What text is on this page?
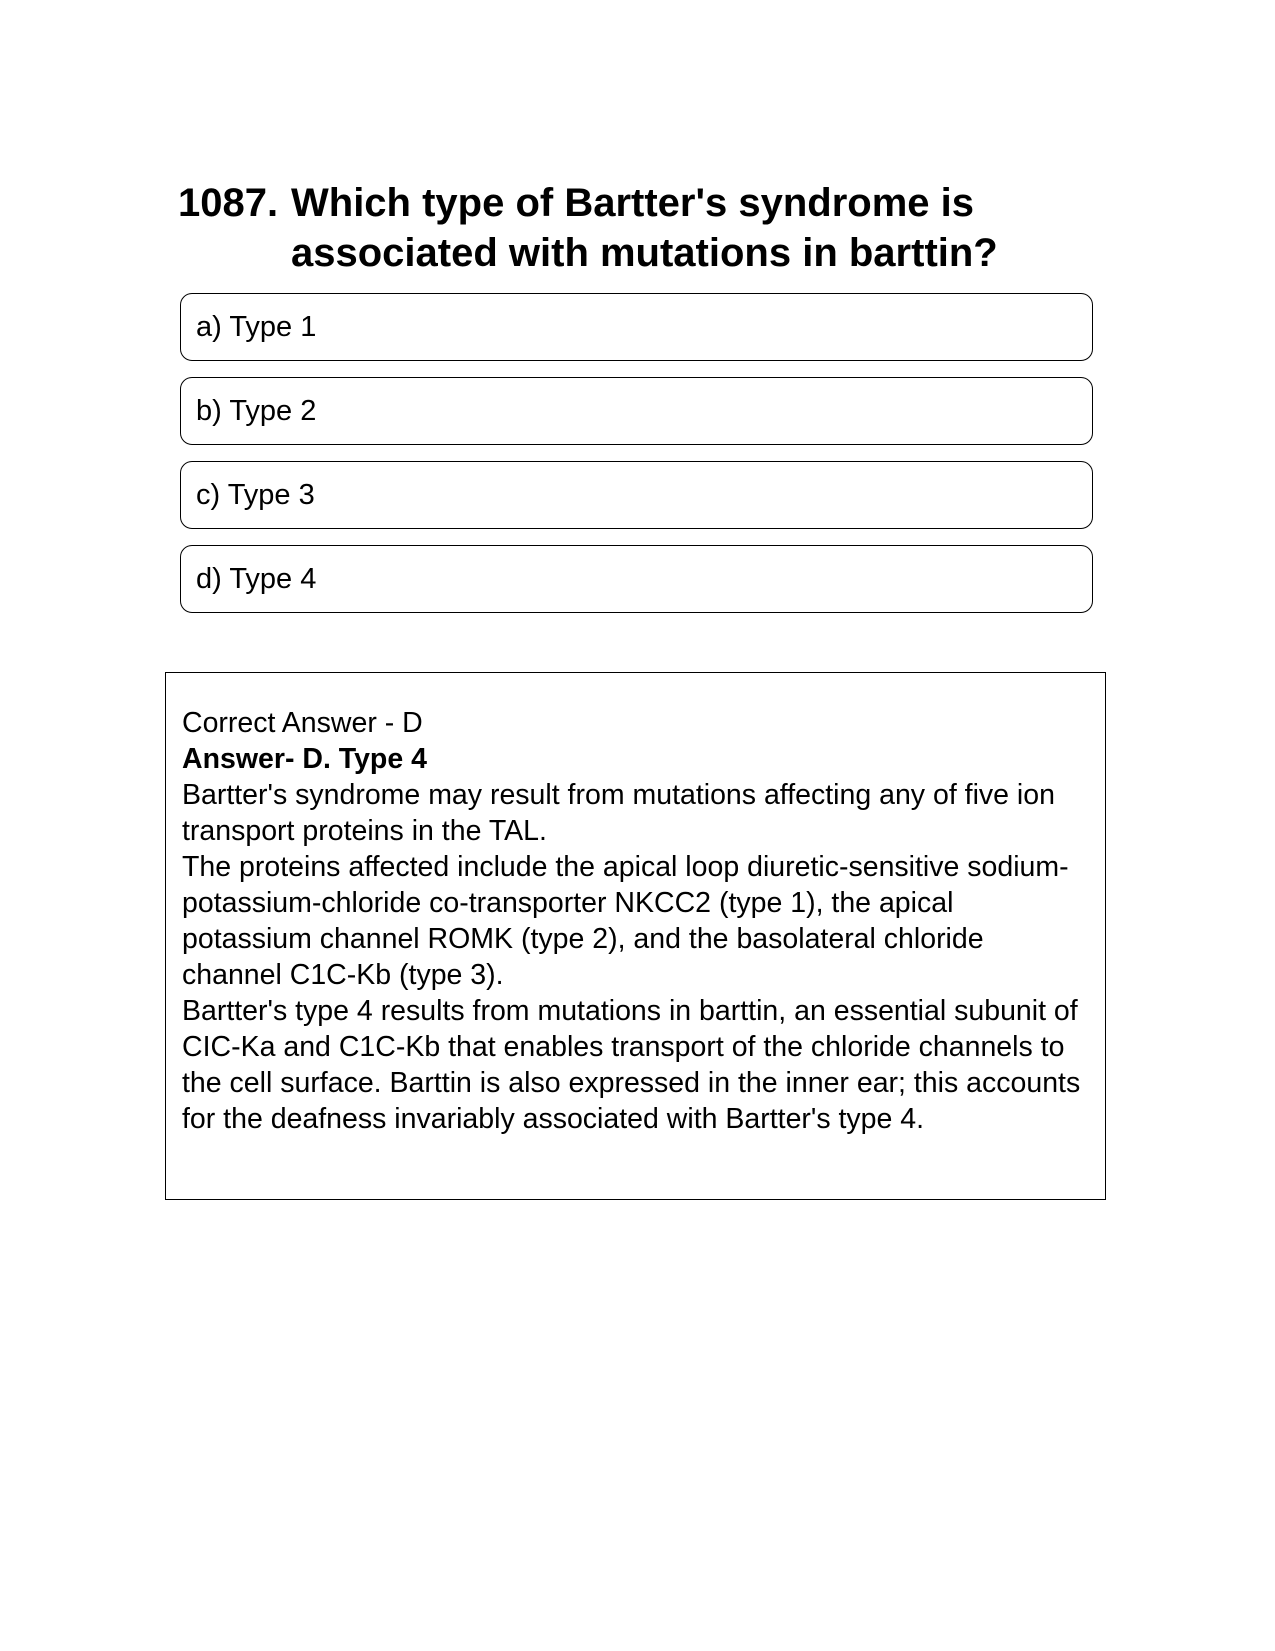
1087. Which type of Bartter's syndrome is associated with mutations in barttin?
a) Type 1
b) Type 2
c) Type 3
d) Type 4
Correct Answer - D
Answer- D. Type 4
Bartter's syndrome may result from mutations affecting any of five ion transport proteins in the TAL.
The proteins affected include the apical loop diuretic-sensitive sodium-potassium-chloride co-transporter NKCC2 (type 1), the apical potassium channel ROMK (type 2), and the basolateral chloride channel C1C-Kb (type 3).
Bartter's type 4 results from mutations in barttin, an essential subunit of CIC-Ka and C1C-Kb that enables transport of the chloride channels to the cell surface. Barttin is also expressed in the inner ear; this accounts for the deafness invariably associated with Bartter's type 4.
